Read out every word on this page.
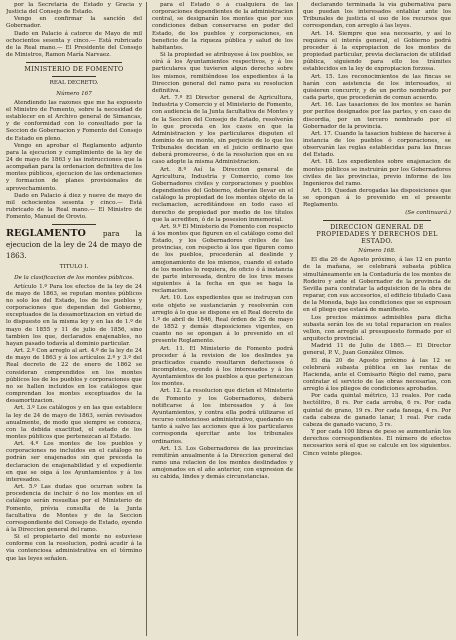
por la Secretaría de Estado y Gracia y Justicia del Consejo de Estado.

Vengo en confirmar la sanción del Gobernador.

Dado en Palacio á catorce de Mayo de mil ochocientos sesenta y cinco.— Está rubricado de la Real mano.— El Presidente del Consejo de Ministros, Ramon María Narvaez.

MINISTERIO DE FOMENTO

REAL DECRETO.

Número 167

Atendiendo las razones que me ha expuesto el Ministro de Fomento, sobre la necesidad de establecer en el Archivo general de Simancas, y de conformidad con lo consultado por la Seccion de Gobernacion y Fomento del Consejo de Estado en pleno.

Vengo en aprobar el Reglamento adjunto para la ejecucion y cumplimiento de la ley de 24 de mayo de 1863 y las instrucciones que la acompañan para la ordenacion definitiva de los montes públicos, ejecucion de las ordenaciones y formacion de planes provisionales de aprovechamiento.

Dado en Palacio á diez y nueve de mayo de mil ochocientos sesenta y cinco.— Está rubricado de la Real mano.— El Ministro de Fomento, Manuel de Orovio.

REGLAMENTO para la ejecucion de la ley de 24 de mayo de 1863.

TITULO I.

De la clasificacion de los montes públicos.

Artículo 1.º Para los efectos de la ley de 24 de mayo de 1863, se reputan montes públicos no solo los del Estado, los de los pueblos y corporaciones que dependan del Gobierno, exceptuados de la desamortizacion en virtud de lo dispuesto en la misma ley y en las de 1.º de mayo de 1855 y 11 de julio de 1856, sino tambien los que, declarados enajenables, no hayan pasado todavía al dominio particular.

Art. 2.º Con arreglo al art. 4.º de la ley de 24 de mayo de 1863 y á los artículos 2.º y 3.º del Real decreto de 22 de enero de 1862 se consideran comprendidos en los montes públicos los de los pueblos y corporaciones que no se hallen incluidos en los catálogos que comprendan los montes exceptuados de la desamortizacion.

Art. 3.º Los catálogos y en las que establece la ley de 24 de mayo de 1863, serán revisados anualmente, de modo que siempre se conozca, con la debida exactitud, el estado de los montes públicos que pertenezcan al Estado.

Art. 4.º Los montes de los pueblos y corporaciones no incluidos en el catálogo no podrán ser enajenados sin que preceda la declaracion de enajenabilidad y el expediente en que se oiga á los Ayuntamientos y á los interesados.

Art. 5.º Las dudas que ocurran sobre la procedencia de incluir ó no los montes en el catálogo serán resueltas por el Ministerio de Fomento, prévia consulta de la Junta facultativa de Montes y de la Seccion correspondiente del Consejo de Estado, oyendo á la Direccion general del ramo.

Si el propietario del monte no estuviese conforme con la resolucion, podrá acudir á la via contenciosa administrativa en el término que las leyes señalen.

para el Estado ó á cualquiera de las corporaciones dependientes de la administracion central, se designarán los montes que por sus condiciones deban conservarse en poder del Estado, de los pueblos y corporaciones, en beneficio de la riqueza pública y salud de los habitantes.

Si la propiedad se atribuyese á los pueblos, se oirá á los Ayuntamientos respectivos, y á los particulares que tuvieren algun derecho sobre los mismos, remitiéndose los expedientes á la Direccion general del ramo para su resolucion definitiva.

Art. 7.º El Director general de Agricultura, Industria y Comercio y el Ministerio de Fomento, con audiencia de la Junta facultativa de Montes y de la Seccion del Consejo de Estado, resolverán lo que proceda en los casos en que la Administracion y los particulares disputen el dominio de un monte, sin perjuicio de lo que los Tribunales decidan en el juicio ordinario que deberá promoverse, ó de la resolucion que en su caso adopte la misma Administracion.

Art. 8.º Así la Direccion general de Agricultura, Industria y Comercio, como los Gobernadores civiles y corporaciones y pueblos dependientes del Gobierno, deberán llevar en el catálogo la propiedad de los montes objeto de la reclamacion, acreditándose en todo caso el derecho de propiedad por medio de los títulos que la acrediten, ó de la posesion inmemorial.

Art. 9.º El Ministerio de Fomento con respecto á los montes que figuren en el catálogo como del Estado, y los Gobernadores civiles de las provincias, con respecto á los que figuren como de los pueblos, procederán al deslinde y amojonamiento de los mismos, cuando el estado de los montes lo requiera, de oficio ó á instancia de parte interesada, dentro de los tres meses siguientes á la fecha en que se haga la reclamacion.

Art. 10. Los expedientes que se instruyan con este objeto se sustanciarán y resolverán con arreglo á lo que se dispone en el Real decreto de 1.º de abril de 1846, Real órden de 25 de mayo de 1852 y demás disposiciones vigentes, en cuanto no se opongan á lo prevenido en el presente Reglamento.

Art. 11. El Ministerio de Fomento podrá proceder á la revision de los deslindes ya practicados cuando resultaren defectuosos ó incompletos, oyendo á los interesados y á los Ayuntamientos de los pueblos a que pertenezcan los montes.

Art. 12. La resolucion que dicten el Ministerio de Fomento y los Gobernadores, deberá notificarse á los interesados y á los Ayuntamientos, y contra ella podrá utilizarse el recurso contencioso administrativo, quedando en tanto á salvo las acciones que á los particulares corresponda ejercitar ante los tribunales ordinarios.

Art. 13. Los Gobernadores de las provincias remitirán anualmente á la Direccion general del ramo una relacion de los montes deslindados y amojonados en el año anterior, con expresion de su cabida, lindes y demás circunstancias.

declarando terminada la via gubernativa para que puedan los interesados entablar ante los Tribunales de justicia el uso de los recursos que correspondan, con arreglo á las leyes.

Art. 14. Siempre que sea necesario, y así lo requiera el interés general, el Gobierno podrá proceder á la expropiacion de los montes de propiedad particular, previa declaracion de utilidad pública, siguiendo para ello los trámites establecidos en la ley de expropiacion forzosa.

Art. 15. Los reconocimientos de las fincas se harán con asistencia de los interesados, si quisieren concurrir, y de un perito nombrado por cada parte, que procederán de comun acuerdo.

Art. 16. Las tasaciones de los montes se harán por peritos designados por las partes, y en caso de discordia, por un tercero nombrado por el Gobernador de la provincia.

Art. 17. Cuando la tasacion hubiese de hacerse á instancia de los pueblos ó corporaciones, se observarán las reglas establecidas para las fincas del Estado.

Art. 18. Los expedientes sobre enajenacion de montes públicos se instruirán por los Gobernadores civiles de las provincias, previo informe de los Ingenieros del ramo.

Art. 19. Quedan derogadas las disposiciones que se opongan á lo prevenido en el presente Reglamento.

(Se continuará.)

DIRECCION GENERAL DE PROPIEDADES Y DERECHOS DEL ESTADO.

Número 168.

El dia 26 de Agosto próximo, á las 12 en punto de la mañana, se celebrará subasta pública simultáneamente en la Contaduría de los montes de Rodeiro y ante el Gobernador de la provincia de Sevilla para contratar la adquisicion de la obra de reparar, con sus accesorios, el edificio titulado Casa de la Moneda, bajo las condiciones que se expresan en el pliego que estará de manifiesto.

Los precios máximos admisibles para dicha subasta serán los de su total reparacion en reales vellon, con arreglo al presupuesto formado por el arquitecto provincial.

Madrid 11 de Julio de 1865.— El Director general, P. V., Juan González Olmos.

El dia 20 de Agosto próximo á las 12 se celebrará subasta pública en las rentas de Hacienda, ante el Comisario Régio del ramo, para contratar el servicio de las obras necesarias, con arreglo á los pliegos de condiciones aprobados.

Por cada quintal métrico, 13 reales. Por cada hectólitro, 8 rs. Por cada arroba, 6 rs. Por cada quintal de grano, 19 rs. Por cada fanega, 4 rs. Por cada cabeza de ganado lanar, 1 real. Por cada cabeza de ganado vacuno, 3 rs.

Y por cada 100 libras de peso se aumentarán los derechos correspondientes. El número de efectos necesarios será el que se calcule en los siguientes. Cinco veinte pliegos.
